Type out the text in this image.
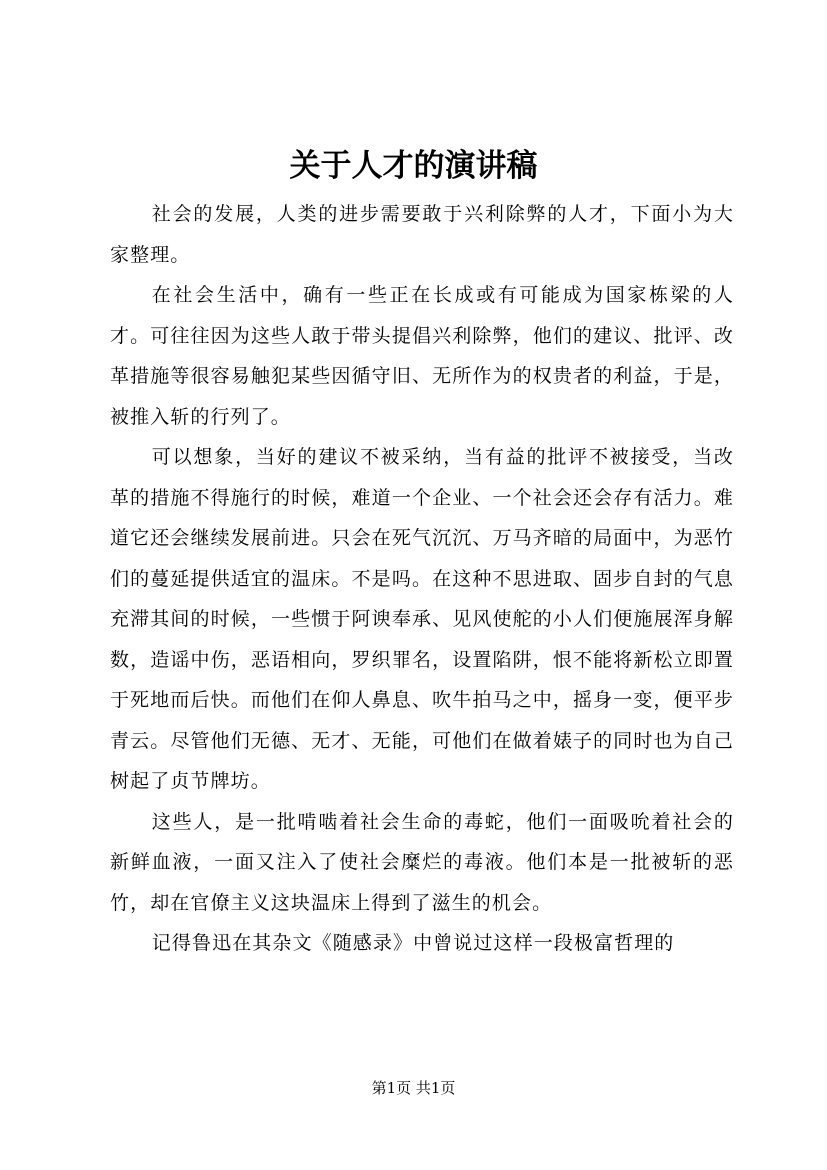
关于人才的演讲稿

社会的发展，人类的进步需要敢于兴利除弊的人才，下面小为大家整理。

在社会生活中，确有一些正在长成或有可能成为国家栋梁的人才。可往往因为这些人敢于带头提倡兴利除弊，他们的建议、批评、改革措施等很容易触犯某些因循守旧、无所作为的权贵者的利益，于是，被推入斩的行列了。

可以想象，当好的建议不被采纳，当有益的批评不被接受，当改革的措施不得施行的时候，难道一个企业、一个社会还会存有活力。难道它还会继续发展前进。只会在死气沉沉、万马齐暗的局面中，为恶竹们的蔓延提供适宜的温床。不是吗。在这种不思进取、固步自封的气息充滞其间的时候，一些惯于阿谀奉承、见风使舵的小人们便施展浑身解数，造谣中伤，恶语相向，罗织罪名，设置陷阱，恨不能将新松立即置于死地而后快。而他们在仰人鼻息、吹牛拍马之中，摇身一变，便平步青云。尽管他们无德、无才、无能，可他们在做着婊子的同时也为自己树起了贞节牌坊。

这些人，是一批啃啮着社会生命的毒蛇，他们一面吸吮着社会的新鲜血液，一面又注入了使社会糜烂的毒液。他们本是一批被斩的恶竹，却在官僚主义这块温床上得到了滋生的机会。

记得鲁迅在其杂文《随感录》中曾说过这样一段极富哲理的

第1页 共1页
